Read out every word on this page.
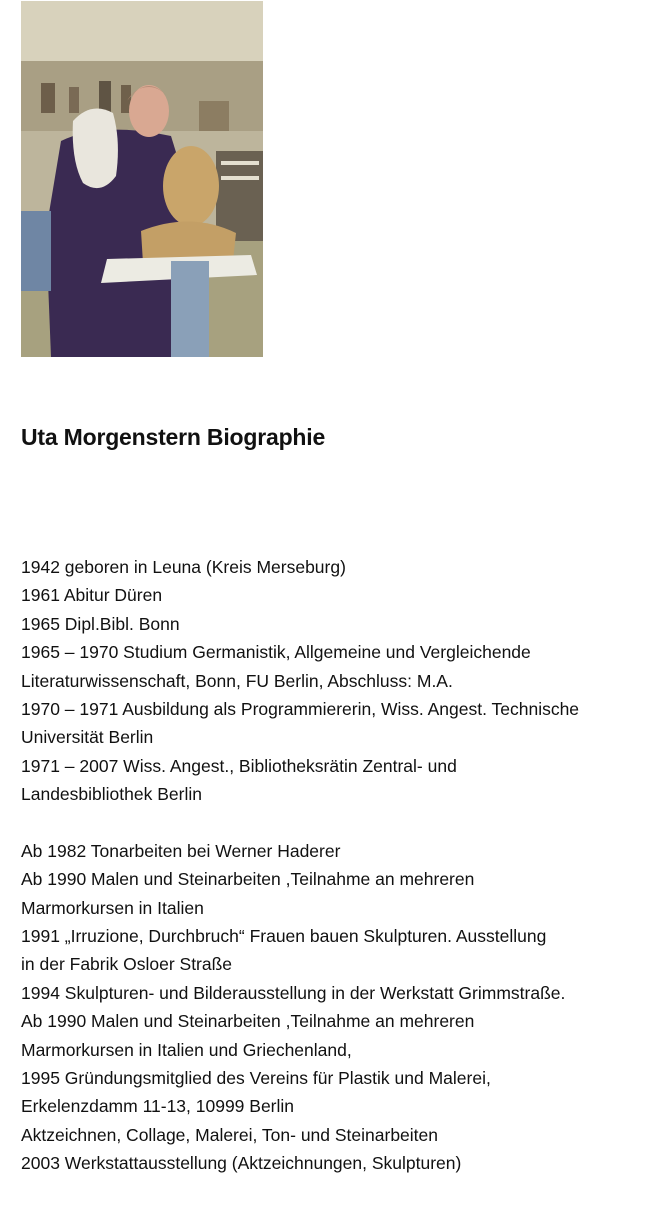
Uta Morgenstern Biographie
1942 geboren in Leuna (Kreis Merseburg)
1961 Abitur Düren
1965 Dipl.Bibl. Bonn
1965 – 1970 Studium Germanistik, Allgemeine und Vergleichende
Literaturwissenschaft, Bonn, FU Berlin, Abschluss: M.A.
1970 – 1971 Ausbildung als Programmiererin, Wiss. Angest. Technische
Universität Berlin
1971 – 2007 Wiss. Angest., Bibliotheksrätin Zentral- und
Landesbibliothek Berlin
Ab 1982 Tonarbeiten bei Werner Haderer
Ab 1990 Malen und Steinarbeiten ,Teilnahme an mehreren
Marmorkursen in Italien
1991 „Irruzione, Durchbruch“ Frauen bauen Skulpturen. Ausstellung
in der Fabrik Osloer Straße
1994 Skulpturen- und Bilderausstellung in der Werkstatt Grimmstraße.
Ab 1990 Malen und Steinarbeiten ,Teilnahme an mehreren
Marmorkursen in Italien und Griechenland,
1995 Gründungsmitglied des Vereins für Plastik und Malerei,
Erkelenzdamm 11-13, 10999 Berlin
Aktzeichnen, Collage, Malerei, Ton- und Steinarbeiten
2003 Werkstattausstellung (Aktzeichnungen, Skulpturen)
